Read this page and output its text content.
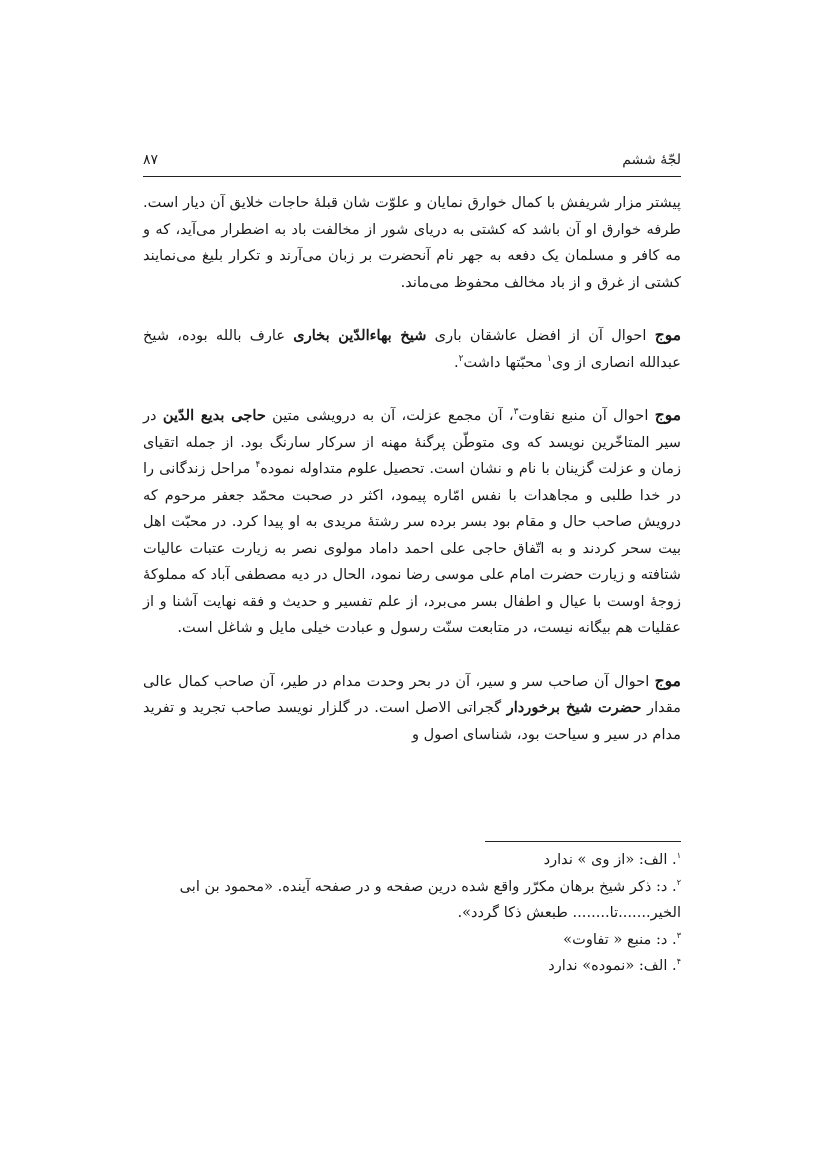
لجّهٔ ششم
۸۷

پیشتر مزار شریفش با کمال خوارق نمایان و علوّت شان قبلهٔ حاجات خلایق آن دیار است. طرفه خوارق او آن باشد که کشتی به دریای شور از مخالفت باد به اضطرار می‌آید، که و مه کافر و مسلمان یک دفعه به جهر نام آنحضرت بر زبان می‌آرند و تکرار بلیغ می‌نمایند کشتی از غرق و از باد مخالف محفوظ می‌ماند.

موج احوال آن از افضل عاشقان باری شیخ بهاءالدّین بخاری عارف بالله بوده، شیخ عبدالله انصاری از وی$^۱$ محبّتها داشت$^۲$.

موج احوال آن منبع نقاوت$^۳$، آن مجمع عزلت، آن به درویشی متین حاجی بدیع الدّین در سیر المتاخّرین نویسد که وی متوطّن پرگنهٔ مهنه از سرکار سارنگ بود. از جمله اتقیای زمان و عزلت گزینان با نام و نشان است. تحصیل علوم متداوله نموده$^۴$ مراحل زندگانی را در خدا طلبی و مجاهدات با نفس امّاره پیمود، اکثر در صحبت محمّد جعفر مرحوم که درویش صاحب حال و مقام بود بسر برده سر رشتهٔ مریدی به او پیدا کرد. در محبّت اهل بیت سحر کردند و به اتّفاق حاجی علی احمد داماد مولوی نصر به زیارت عتبات عالیات شتافته و زیارت حضرت امام علی موسی رضا نمود، الحال در دیه مصطفی آباد که مملوکهٔ زوجهٔ اوست با عیال و اطفال بسر می‌برد، از علم تفسیر و حدیث و فقه نهایت آشنا و از عقلیات هم بیگانه نیست، در متابعت سنّت رسول و عبادت خیلی مایل و شاغل است.

موج احوال آن صاحب سر و سیر، آن در بحر وحدت مدام در طیر، آن صاحب کمال عالی مقدار حضرت شیخ برخوردار گجراتی الاصل است. در گلزار نویسد صاحب تجرید و تفرید مدام در سیر و سیاحت بود، شناسای اصول و

$^۱$. الف: «از وی » ندارد

$^۲$. د: ذکر شیخ برهان مکرّر واقع شده درین صفحه و در صفحه آینده. «محمود بن ابی الخیر.......تا........ طبعش ذکا گردد».

$^۳$. د: منبع « تفاوت»

$^۴$. الف: «نموده» ندارد
